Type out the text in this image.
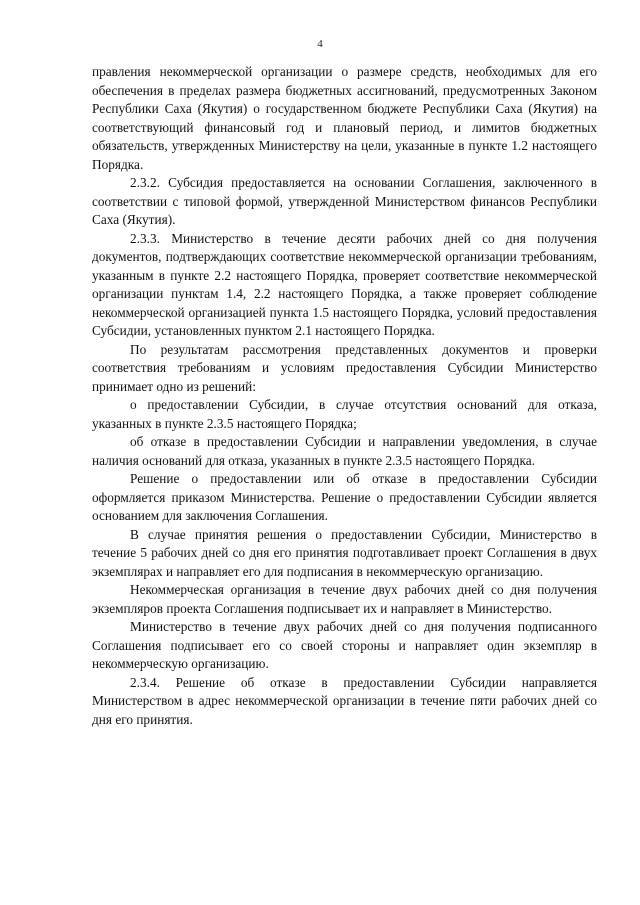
4

правления некоммерческой организации о размере средств, необходимых для его обеспечения в пределах размера бюджетных ассигнований, предусмотренных Законом Республики Саха (Якутия) о государственном бюджете Республики Саха (Якутия) на соответствующий финансовый год и плановый период, и лимитов бюджетных обязательств, утвержденных Министерству на цели, указанные в пункте 1.2 настоящего Порядка.

2.3.2. Субсидия предоставляется на основании Соглашения, заключенного в соответствии с типовой формой, утвержденной Министерством финансов Республики Саха (Якутия).

2.3.3. Министерство в течение десяти рабочих дней со дня получения документов, подтверждающих соответствие некоммерческой организации требованиям, указанным в пункте 2.2 настоящего Порядка, проверяет соответствие некоммерческой организации пунктам 1.4, 2.2 настоящего Порядка, а также проверяет соблюдение некоммерческой организацией пункта 1.5 настоящего Порядка, условий предоставления Субсидии, установленных пунктом 2.1 настоящего Порядка.

По результатам рассмотрения представленных документов и проверки соответствия требованиям и условиям предоставления Субсидии Министерство принимает одно из решений:

о предоставлении Субсидии, в случае отсутствия оснований для отказа, указанных в пункте 2.3.5 настоящего Порядка;

об отказе в предоставлении Субсидии и направлении уведомления, в случае наличия оснований для отказа, указанных в пункте 2.3.5 настоящего Порядка.

Решение о предоставлении или об отказе в предоставлении Субсидии оформляется приказом Министерства. Решение о предоставлении Субсидии является основанием для заключения Соглашения.

В случае принятия решения о предоставлении Субсидии, Министерство в течение 5 рабочих дней со дня его принятия подготавливает проект Соглашения в двух экземплярах и направляет его для подписания в некоммерческую организацию.

Некоммерческая организация в течение двух рабочих дней со дня получения экземпляров проекта Соглашения подписывает их и направляет в Министерство.

Министерство в течение двух рабочих дней со дня получения подписанного Соглашения подписывает его со своей стороны и направляет один экземпляр в некоммерческую организацию.

2.3.4. Решение об отказе в предоставлении Субсидии направляется Министерством в адрес некоммерческой организации в течение пяти рабочих дней со дня его принятия.
